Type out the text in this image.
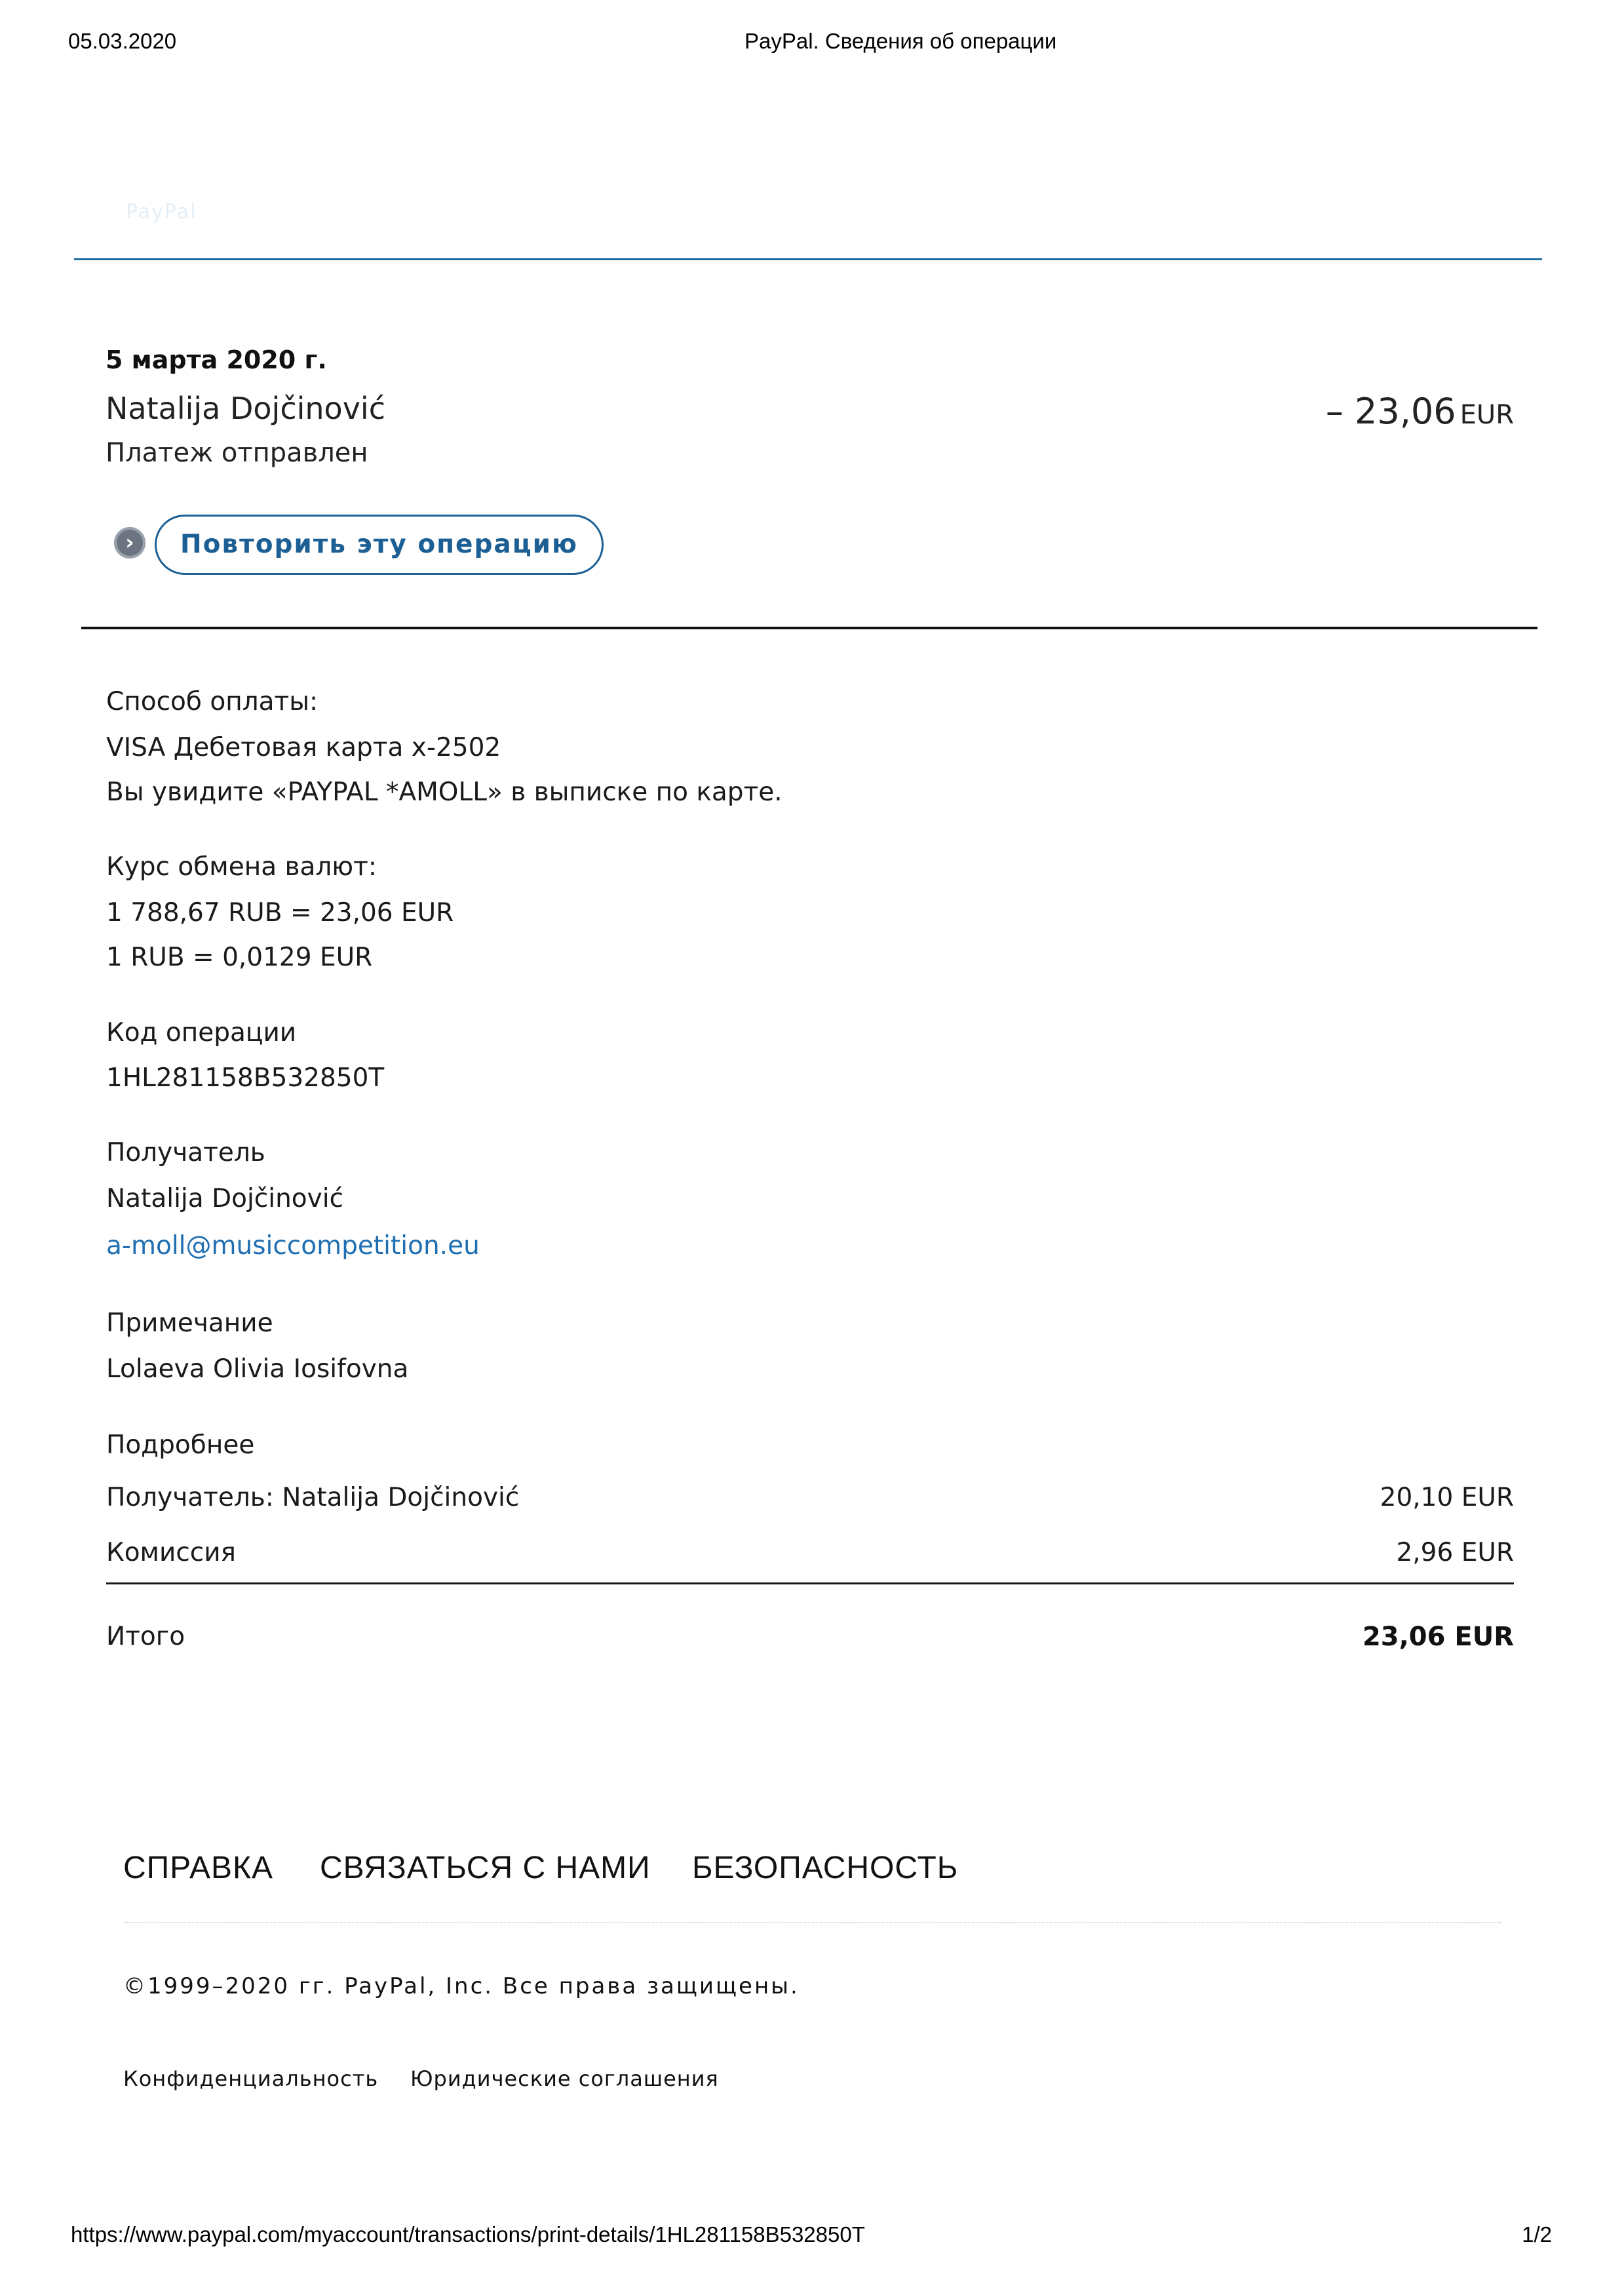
05.03.2020	PayPal. Сведения об операции
PayPal
5 марта 2020 г.
Natalija Dojčinović
Платеж отправлен
– 23,06 EUR
›	Повторить эту операцию
Способ оплаты:
VISA Дебетовая карта x-2502
Вы увидите «PAYPAL *AMOLL» в выписке по карте.
Курс обмена валют:
1 788,67 RUB = 23,06 EUR
1 RUB = 0,0129 EUR
Код операции
1HL281158B532850T
Получатель
Natalija Dojčinović
a-moll@musiccompetition.eu
Примечание
Lolaeva Olivia Iosifovna
Подробнее
Получатель: Natalija Dojčinović	20,10 EUR
Комиссия	2,96 EUR
Итого	23,06 EUR
СПРАВКА СВЯЗАТЬСЯ С НАМИ БЕЗОПАСНОСТЬ
©1999–2020 гг. PayPal, Inc. Все права защищены.
Конфиденциальность Юридические соглашения
https://www.paypal.com/myaccount/transactions/print-details/1HL281158B532850T	1/2
